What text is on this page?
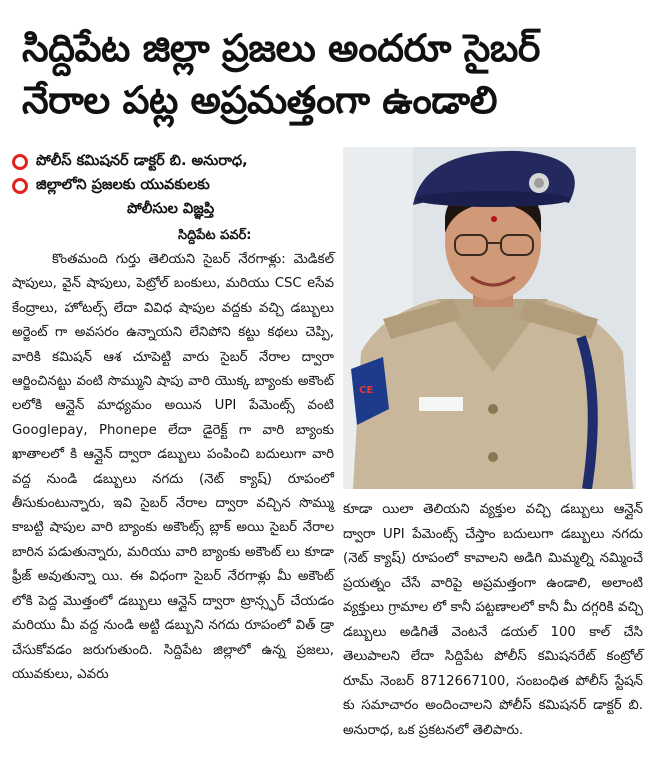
సిద్దిపేట జిల్లా ప్రజలు అందరూ సైబర్
నేరాల పట్ల అప్రమత్తంగా ఉండాలి
పోలీస్ కమిషనర్ డాక్టర్ బి. అనురాధ,
జిల్లాలోని ప్రజలకు యువకులకు
పోలీసుల విజ్ఞప్తి
సిద్దిపేట పవర్:

కొంతమంది గుర్తు తెలియని సైబర్ నేరగాళ్లు: మెడికల్ షాపులు, వైన్ షాపులు, పెట్రోల్ బంకులు, మరియు CSC eసేవ కేంద్రాలు, హోటల్స్ లేదా వివిధ షాపుల వద్దకు వచ్చి డబ్బులు అర్జెంట్ గా అవసరం ఉన్నాయని లేనిపోని కట్టు కథలు చెప్పి, వారికి కమిషన్ ఆశ చూపెట్టి వారు సైబర్ నేరాల ద్వారా ఆర్జించినట్టు వంటి సొమ్ముని షాపు వారి యొక్క బ్యాంకు అకౌంట్ లలోకి ఆన్లైన్ మాధ్యమం అయిన UPI పేమెంట్స్ వంటి Googlepay, Phonepe లేదా డైరెక్ట్ గా వారి బ్యాంకు ఖాతాలలో కి ఆన్లైన్ ద్వారా డబ్బులు పంపించి బదులుగా వారి వద్ద నుండి డబ్బులు నగదు (నెట్ క్యాష్) రూపంలో తీసుకుంటున్నారు, ఇవి సైబర్ నేరాల ద్వారా వచ్చిన సొమ్ము కాబట్టి షాపుల వారి బ్యాంకు అకౌంట్స్ బ్లాక్ అయి సైబర్ నేరాల బారిన పడుతున్నారు, మరియు వారి బ్యాంకు అకౌంట్ లు కూడా ఫ్రీజ్ అవుతున్నా యి. ఈ విధంగా సైబర్ నేరగాళ్లు మీ అకౌంట్ లోకి పెద్ద మొత్తంలో డబ్బులు ఆన్లైన్ ద్వారా ట్రాన్స్ఫర్ చేయడం మరియు మీ వద్ద నుండి అట్టి డబ్బుని నగదు రూపంలో విత్ డ్రా చేసుకోవడం జరుగుతుంది. సిద్దిపేట జిల్లాలో ఉన్న ప్రజలు, యువకులు, ఎవరు

CE

కూడా యిలా తెలియని వ్యక్తుల వచ్చి డబ్బులు ఆన్లైన్ ద్వారా UPI పేమెంట్స్ చేస్తాం బదులుగా డబ్బులు నగదు (నెట్ క్యాష్) రూపంలో కావాలని అడిగి మిమ్మల్ని నమ్మించే ప్రయత్నం చేసే వారిపై అప్రమత్తంగా ఉండాలి, అలాంటి వ్యక్తులు గ్రామాల లో కానీ పట్టణాలలో కానీ మీ దగ్గరికి వచ్చి డబ్బులు అడిగితే వెంటనే డయల్ 100 కాల్ చేసి తెలుపాలని లేదా సిద్దిపేట పోలీస్ కమిషనరేట్ కంట్రోల్ రూమ్ నెంబర్ 8712667100, సంబంధిత పోలీస్ స్టేషన్ కు సమాచారం అందించాలని పోలీస్ కమిషనర్ డాక్టర్ బి. అనురాధ, ఒక ప్రకటనలో తెలిపారు.
